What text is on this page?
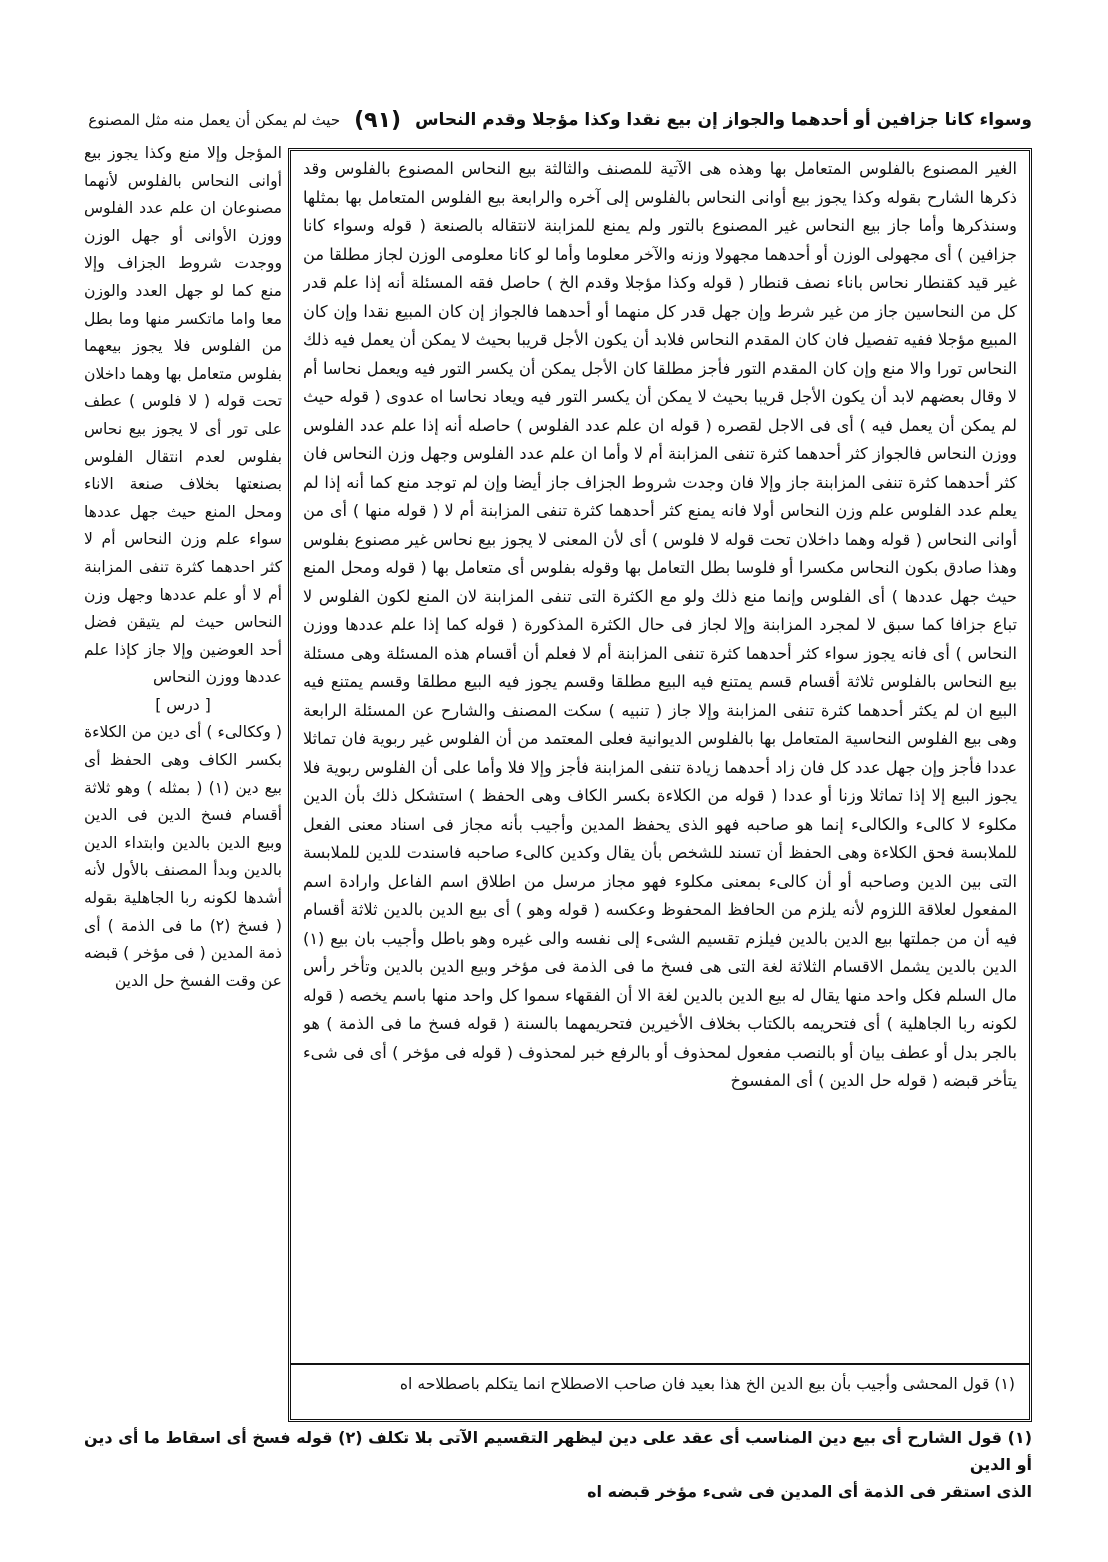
وسواء كانا جزافين أو أحدهما والجواز إن بيع نقدا وكذا مؤجلا وقدم النحاس
(٩١)
حيث لم يمكن أن يعمل منه مثل المصنوع

المؤجل وإلا منع وكذا يجوز بيع أوانى النحاس بالفلوس لأنهما مصنوعان ان علم عدد الفلوس ووزن الأوانى أو جهل الوزن ووجدت شروط الجزاف وإلا منع كما لو جهل العدد والوزن معا واما ماتكسر منها وما بطل من الفلوس فلا يجوز بيعهما بفلوس متعامل بها وهما داخلان تحت قوله ( لا فلوس ) عطف على تور أى لا يجوز بيع نحاس بفلوس لعدم انتقال الفلوس بصنعتها بخلاف صنعة الاناء ومحل المنع حيث جهل عددها سواء علم وزن النحاس أم لا كثر احدهما كثرة تنفى المزابنة أم لا أو علم عددها وجهل وزن النحاس حيث لم يتيقن فضل أحد العوضين وإلا جاز كإذا علم عددها ووزن النحاس

[ درس ]

( وككالىء ) أى دين من الكلاءة بكسر الكاف وهى الحفظ أى بيع دين (١) ( بمثله ) وهو ثلاثة أقسام فسخ الدين فى الدين وبيع الدين بالدين وابتداء الدين بالدين وبدأ المصنف بالأول لأنه أشدها لكونه ربا الجاهلية بقوله ( فسخ (٢) ما فى الذمة ) أى ذمة المدين ( فى مؤخر ) قبضه عن وقت الفسخ حل الدين

الغير المصنوع بالفلوس المتعامل بها وهذه هى الآتية للمصنف والثالثة بيع النحاس المصنوع بالفلوس وقد ذكرها الشارح بقوله وكذا يجوز بيع أوانى النحاس بالفلوس إلى آخره والرابعة بيع الفلوس المتعامل بها بمثلها وسنذكرها وأما جاز بيع النحاس غير المصنوع بالتور ولم يمنع للمزابنة لانتقاله بالصنعة ( قوله وسواء كانا جزافين ) أى مجهولى الوزن أو أحدهما مجهولا وزنه والآخر معلوما وأما لو كانا معلومى الوزن لجاز مطلقا من غير قيد كقنطار نحاس باناء نصف قنطار ( قوله وكذا مؤجلا وقدم الخ ) حاصل فقه المسئلة أنه إذا علم قدر كل من النحاسين جاز من غير شرط وإن جهل قدر كل منهما أو أحدهما فالجواز إن كان المبيع نقدا وإن كان المبيع مؤجلا ففيه تفصيل فان كان المقدم النحاس فلابد أن يكون الأجل قريبا بحيث لا يمكن أن يعمل فيه ذلك النحاس تورا والا منع وإن كان المقدم التور فأجز مطلقا كان الأجل يمكن أن يكسر التور فيه ويعمل نحاسا أم لا وقال بعضهم لابد أن يكون الأجل قريبا بحيث لا يمكن أن يكسر التور فيه ويعاد نحاسا اه عدوى ( قوله حيث لم يمكن أن يعمل فيه ) أى فى الاجل لقصره ( قوله ان علم عدد الفلوس ) حاصله أنه إذا علم عدد الفلوس ووزن النحاس فالجواز كثر أحدهما كثرة تنفى المزابنة أم لا وأما ان علم عدد الفلوس وجهل وزن النحاس فان كثر أحدهما كثرة تنفى المزابنة جاز وإلا فان وجدت شروط الجزاف جاز أيضا وإن لم توجد منع كما أنه إذا لم يعلم عدد الفلوس علم وزن النحاس أولا فانه يمنع كثر أحدهما كثرة تنفى المزابنة أم لا ( قوله منها ) أى من أوانى النحاس ( قوله وهما داخلان تحت قوله لا فلوس ) أى لأن المعنى لا يجوز بيع نحاس غير مصنوع بفلوس وهذا صادق بكون النحاس مكسرا أو فلوسا بطل التعامل بها وقوله بفلوس أى متعامل بها ( قوله ومحل المنع حيث جهل عددها ) أى الفلوس وإنما منع ذلك ولو مع الكثرة التى تنفى المزابنة لان المنع لكون الفلوس لا تباع جزافا كما سبق لا لمجرد المزابنة وإلا لجاز فى حال الكثرة المذكورة ( قوله كما إذا علم عددها ووزن النحاس ) أى فانه يجوز سواء كثر أحدهما كثرة تنفى المزابنة أم لا فعلم أن أقسام هذه المسئلة وهى مسئلة بيع النحاس بالفلوس ثلاثة أقسام قسم يمتنع فيه البيع مطلقا وقسم يجوز فيه البيع مطلقا وقسم يمتنع فيه البيع ان لم يكثر أحدهما كثرة تنفى المزابنة وإلا جاز ( تنبيه ) سكت المصنف والشارح عن المسئلة الرابعة وهى بيع الفلوس النحاسية المتعامل بها بالفلوس الديوانية فعلى المعتمد من أن الفلوس غير ربوية فان تماثلا عددا فأجز وإن جهل عدد كل فان زاد أحدهما زيادة تنفى المزابنة فأجز وإلا فلا وأما على أن الفلوس ربوية فلا يجوز البيع إلا إذا تماثلا وزنا أو عددا ( قوله من الكلاءة بكسر الكاف وهى الحفظ ) استشكل ذلك بأن الدين مكلوء لا كالىء والكالىء إنما هو صاحبه فهو الذى يحفظ المدين وأجيب بأنه مجاز فى اسناد معنى الفعل للملابسة فحق الكلاءة وهى الحفظ أن تسند للشخص بأن يقال وكدين كالىء صاحبه فاسندت للدين للملابسة التى بين الدين وصاحبه أو أن كالىء بمعنى مكلوء فهو مجاز مرسل من اطلاق اسم الفاعل وارادة اسم المفعول لعلاقة اللزوم لأنه يلزم من الحافظ المحفوظ وعكسه ( قوله وهو ) أى بيع الدين بالدين ثلاثة أقسام فيه أن من جملتها بيع الدين بالدين فيلزم تقسيم الشىء إلى نفسه والى غيره وهو باطل وأجيب بان بيع (١) الدين بالدين يشمل الاقسام الثلاثة لغة التى هى فسخ ما فى الذمة فى مؤخر وبيع الدين بالدين وتأخر رأس مال السلم فكل واحد منها يقال له بيع الدين بالدين لغة الا أن الفقهاء سموا كل واحد منها باسم يخصه ( قوله لكونه ربا الجاهلية ) أى فتحريمه بالكتاب بخلاف الأخيرين فتحريمهما بالسنة ( قوله فسخ ما فى الذمة ) هو بالجر بدل أو عطف بيان أو بالنصب مفعول لمحذوف أو بالرفع خبر لمحذوف ( قوله فى مؤخر ) أى فى شىء يتأخر قبضه ( قوله حل الدين ) أى المفسوخ

(١) قول المحشى وأجيب بأن بيع الدين الخ هذا بعيد فان صاحب الاصطلاح انما يتكلم باصطلاحه اه

(١) قول الشارح أى بيع دين المناسب أى عقد على دين ليظهر التقسيم الآتى بلا تكلف (٢) قوله فسخ أى اسقاط ما أى دين أو الدين

الذى استقر فى الذمة أى المدين فى شىء مؤخر قبضه اه
